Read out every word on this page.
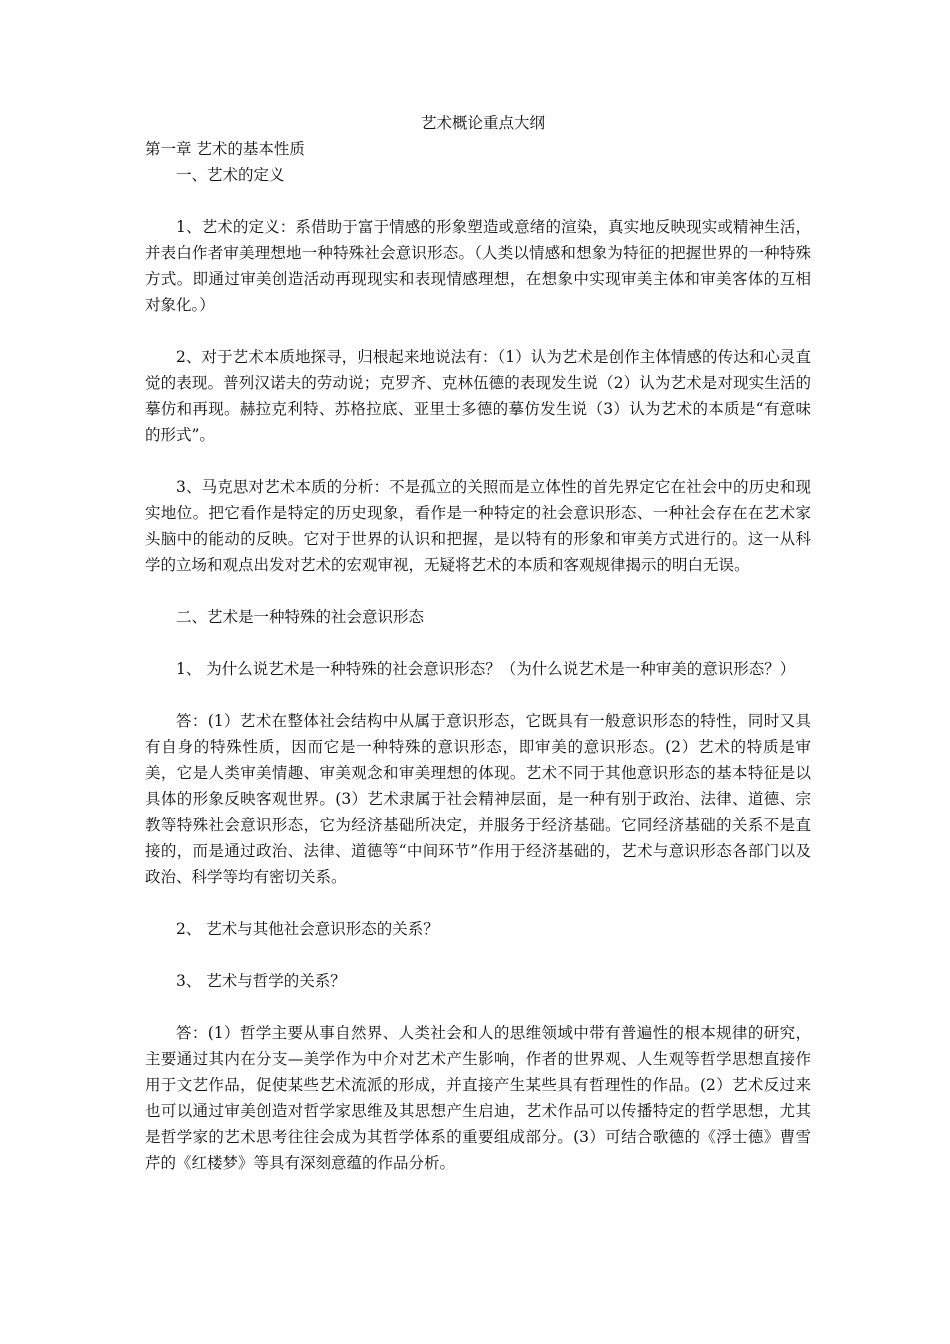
艺术概论重点大纲
第一章 艺术的基本性质
一、艺术的定义

1、艺术的定义：系借助于富于情感的形象塑造或意绪的渲染，真实地反映现实或精神生活，并表白作者审美理想地一种特殊社会意识形态。（人类以情感和想象为特征的把握世界的一种特殊方式。即通过审美创造活动再现现实和表现情感理想，在想象中实现审美主体和审美客体的互相对象化。）

2、对于艺术本质地探寻，归根起来地说法有：（1）认为艺术是创作主体情感的传达和心灵直觉的表现。普列汉诺夫的劳动说；克罗齐、克林伍德的表现发生说（2）认为艺术是对现实生活的摹仿和再现。赫拉克利特、苏格拉底、亚里士多德的摹仿发生说（3）认为艺术的本质是“有意味的形式”。

3、马克思对艺术本质的分析：不是孤立的关照而是立体性的首先界定它在社会中的历史和现实地位。把它看作是特定的历史现象，看作是一种特定的社会意识形态、一种社会存在在艺术家头脑中的能动的反映。它对于世界的认识和把握，是以特有的形象和审美方式进行的。这一从科学的立场和观点出发对艺术的宏观审视，无疑将艺术的本质和客观规律揭示的明白无误。

二、艺术是一种特殊的社会意识形态

1、 为什么说艺术是一种特殊的社会意识形态？（为什么说艺术是一种审美的意识形态？）

答：(1）艺术在整体社会结构中从属于意识形态，它既具有一般意识形态的特性，同时又具有自身的特殊性质，因而它是一种特殊的意识形态，即审美的意识形态。(2）艺术的特质是审美，它是人类审美情趣、审美观念和审美理想的体现。艺术不同于其他意识形态的基本特征是以具体的形象反映客观世界。(3）艺术隶属于社会精神层面，是一种有别于政治、法律、道德、宗教等特殊社会意识形态，它为经济基础所决定，并服务于经济基础。它同经济基础的关系不是直接的，而是通过政治、法律、道德等“中间环节”作用于经济基础的，艺术与意识形态各部门以及政治、科学等均有密切关系。

2、 艺术与其他社会意识形态的关系？

3、 艺术与哲学的关系？

答：(1）哲学主要从事自然界、人类社会和人的思维领域中带有普遍性的根本规律的研究，主要通过其内在分支—美学作为中介对艺术产生影响，作者的世界观、人生观等哲学思想直接作用于文艺作品，促使某些艺术流派的形成，并直接产生某些具有哲理性的作品。(2）艺术反过来也可以通过审美创造对哲学家思维及其思想产生启迪，艺术作品可以传播特定的哲学思想，尤其是哲学家的艺术思考往往会成为其哲学体系的重要组成部分。(3）可结合歌德的《浮士德》曹雪芹的《红楼梦》等具有深刻意蕴的作品分析。
